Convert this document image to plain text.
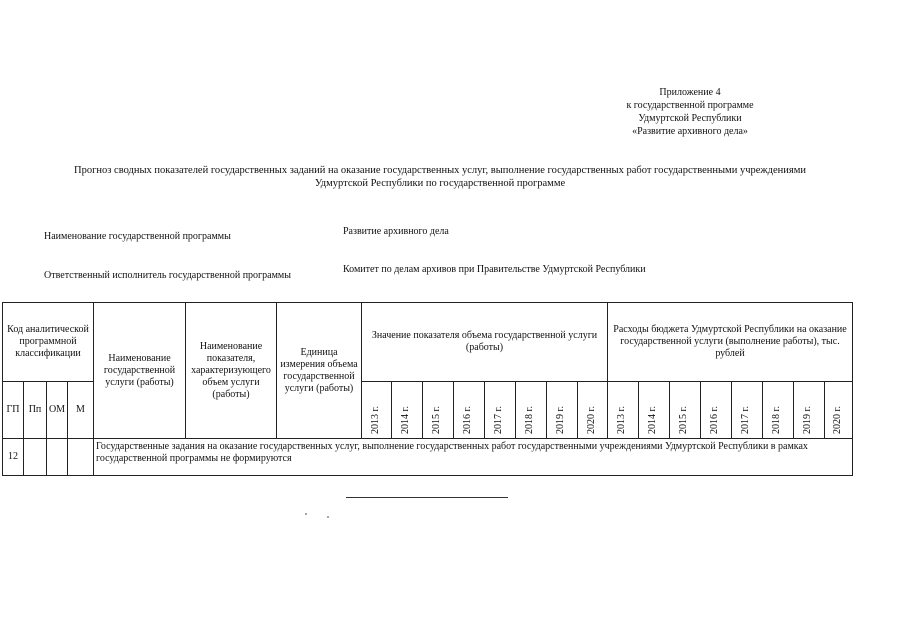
Приложение 4
к государственной программе
Удмуртской Республики
«Развитие архивного дела»
Прогноз сводных показателей государственных заданий на оказание государственных услуг, выполнение государственных работ государственными учреждениями
Удмуртской Республики по государственной программе
Наименование государственной программы	Развитие архивного дела
Ответственный исполнитель государственной программы
Комитет по делам архивов при Правительстве Удмуртской Республики
Код аналитической программной классификации				Наименование государственной услуги (работы)	Наименование показателя, характеризующего объем услуги (работы)	Единица измерения объема государственной услуги (работы)	Значение показателя объема государственной услуги (работы)								Расходы бюджета Удмуртской Республики на оказание государственной услуги (выполнение работы), тыс. рублей							
ГП	Пп	ОМ	М				2013 г.	2014 г.	2015 г.	2016 г.	2017 г.	2018 г.	2019 г.	2020 г.	2013 г.	2014 г.	2015 г.	2016 г.	2017 г.	2018 г.	2019 г.	2020 г.

12				Государственные задания на оказание государственных услуг, выполнение государственных работ государственными учреждениями Удмуртской Республики в рамках государственной программы не формируются																		
